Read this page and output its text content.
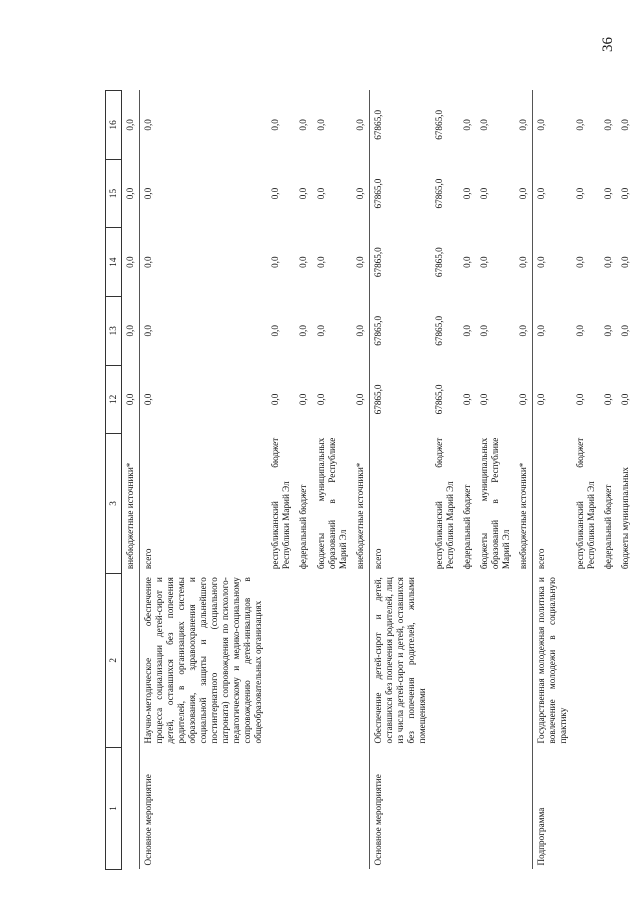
36
1	2	3	12	13	14	15	16
		внебюджетные источники*	0,0	0,0	0,0	0,0	0,0
Основное мероприятие	Научно-методическое обеспечение процесса социализации детей-сирот и детей, оставшихся без попечения родителей, в организациях системы образования, здравоохранения и социальной защиты и дальнейшего постинтернатного (социального патроната) сопровождения по психолого-педагогическому и медико-социальному сопровождению детей-инвалидов в общеобразовательных организациях	всего	0,0	0,0	0,0	0,0	0,0
		республиканский бюджет Республики Марий Эл	0,0	0,0	0,0	0,0	0,0
		федеральный бюджет	0,0	0,0	0,0	0,0	0,0
		бюджеты муниципальных образований в Республике Марий Эл	0,0	0,0	0,0	0,0	0,0
		внебюджетные источники*	0,0	0,0	0,0	0,0	0,0
Основное мероприятие	Обеспечение детей-сирот и детей, оставшихся без попечения родителей, лиц из числа детей-сирот и детей, оставшихся без попечения родителей, жилыми помещениями	всего	67865,0	67865,0	67865,0	67865,0	67865,0
		республиканский бюджет Республики Марий Эл	67865,0	67865,0	67865,0	67865,0	67865,0
		федеральный бюджет	0,0	0,0	0,0	0,0	0,0
		бюджеты муниципальных образований в Республике Марий Эл	0,0	0,0	0,0	0,0	0,0
		внебюджетные источники*	0,0	0,0	0,0	0,0	0,0
Подпрограмма	Государственная молодежная политика и вовлечение молодежи в социальную практику	всего	0,0	0,0	0,0	0,0	0,0
		республиканский бюджет Республики Марий Эл	0,0	0,0	0,0	0,0	0,0
		федеральный бюджет	0,0	0,0	0,0	0,0	0,0
		бюджеты муниципальных	0,0	0,0	0,0	0,0	0,0
